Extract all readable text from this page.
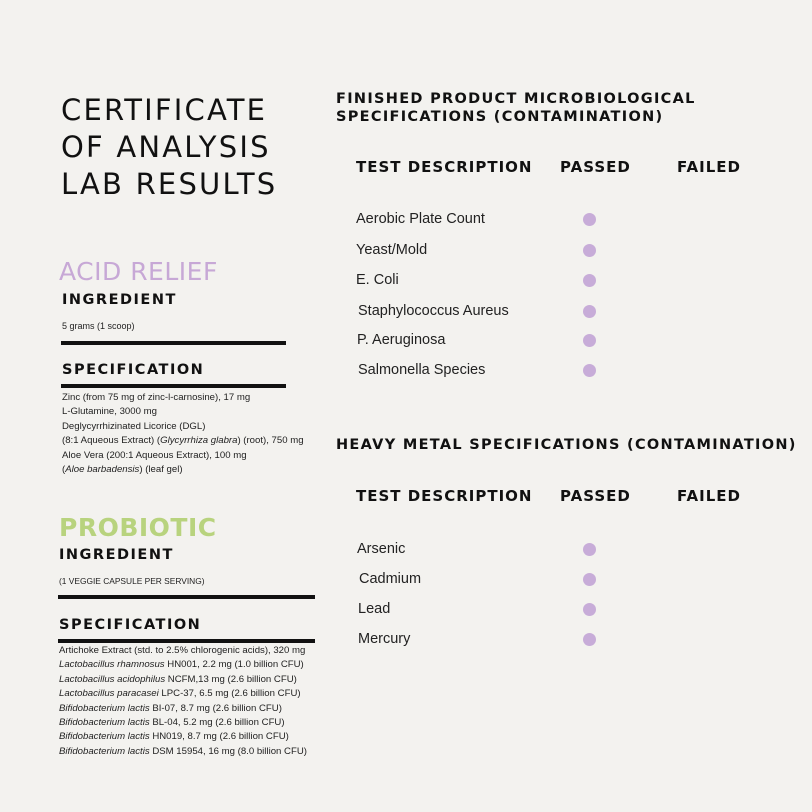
CERTIFICATE
OF ANALYSIS
LAB RESULTS
ACID RELIEF
INGREDIENT
5 grams (1 scoop)
SPECIFICATION
Zinc (from 75 mg of zinc-l-carnosine), 17 mg
L-Glutamine, 3000 mg
Deglycyrrhizinated Licorice (DGL)
(8:1 Aqueous Extract) (Glycyrrhiza glabra) (root), 750 mg
Aloe Vera (200:1 Aqueous Extract), 100 mg
(Aloe barbadensis) (leaf gel)
PROBIOTIC
INGREDIENT
(1 VEGGIE CAPSULE PER SERVING)
SPECIFICATION
Artichoke Extract (std. to 2.5% chlorogenic acids), 320 mg
Lactobacillus rhamnosus HN001, 2.2 mg (1.0 billion CFU)
Lactobacillus acidophilus NCFM,13 mg (2.6 billion CFU)
Lactobacillus paracasei LPC-37, 6.5 mg (2.6 billion CFU)
Bifidobacterium lactis BI-07, 8.7 mg (2.6 billion CFU)
Bifidobacterium lactis BL-04, 5.2 mg (2.6 billion CFU)
Bifidobacterium lactis HN019, 8.7 mg (2.6 billion CFU)
Bifidobacterium lactis DSM 15954, 16 mg (8.0 billion CFU)
FINISHED PRODUCT MICROBIOLOGICAL
SPECIFICATIONS (CONTAMINATION)
TEST DESCRIPTION PASSED	FAILED
Aerobic Plate Count
Yeast/Mold
E. Coli
Staphylococcus Aureus
P. Aeruginosa
Salmonella Species
HEAVY METAL SPECIFICATIONS (CONTAMINATION)
TEST DESCRIPTION PASSED	FAILED
Arsenic
Cadmium
Lead
Mercury
